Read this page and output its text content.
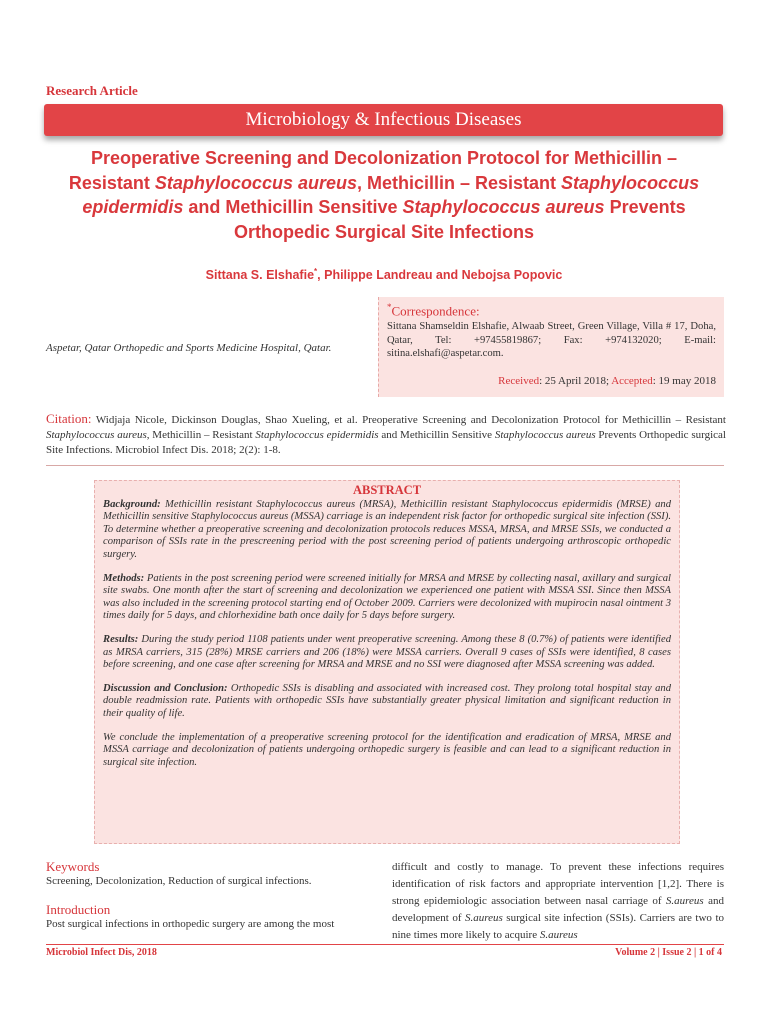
Research Article
Microbiology & Infectious Diseases
Preoperative Screening and Decolonization Protocol for Methicillin –
Resistant Staphylococcus aureus, Methicillin – Resistant Staphylococcus
epidermidis and Methicillin Sensitive Staphylococcus aureus Prevents
Orthopedic Surgical Site Infections
Sittana S. Elshafie*, Philippe Landreau and Nebojsa Popovic
Aspetar, Qatar Orthopedic and Sports Medicine Hospital, Qatar.
*Correspondence:
Sittana Shamseldin Elshafie, Alwaab Street, Green Village, Villa # 17, Doha, Qatar, Tel: +97455819867; Fax: +974132020; E-mail: sitina.elshafi@aspetar.com.
Received: 25 April 2018; Accepted: 19 may 2018
Citation: Widjaja Nicole, Dickinson Douglas, Shao Xueling, et al. Preoperative Screening and Decolonization Protocol for Methicillin – Resistant Staphylococcus aureus, Methicillin – Resistant Staphylococcus epidermidis and Methicillin Sensitive Staphylococcus aureus Prevents Orthopedic surgical Site Infections. Microbiol Infect Dis. 2018; 2(2): 1-8.
ABSTRACT

Background: Methicillin resistant Staphylococcus aureus (MRSA), Methicillin resistant Staphylococcus epidermidis (MRSE) and Methicillin sensitive Staphylococcus aureus (MSSA) carriage is an independent risk factor for orthopedic surgical site infection (SSI). To determine whether a preoperative screening and decolonization protocols reduces MSSA, MRSA, and MRSE SSIs, we conducted a comparison of SSIs rate in the prescreening period with the post screening period of patients undergoing arthroscopic orthopedic surgery.

Methods: Patients in the post screening period were screened initially for MRSA and MRSE by collecting nasal, axillary and surgical site swabs. One month after the start of screening and decolonization we experienced one patient with MSSA SSI. Since then MSSA was also included in the screening protocol starting end of October 2009. Carriers were decolonized with mupirocin nasal ointment 3 times daily for 5 days, and chlorhexidine bath once daily for 5 days before surgery.

Results: During the study period 1108 patients under went preoperative screening. Among these 8 (0.7%) of patients were identified as MRSA carriers, 315 (28%) MRSE carriers and 206 (18%) were MSSA carriers. Overall 9 cases of SSIs were identified, 8 cases before screening, and one case after screening for MRSA and MRSE and no SSI were diagnosed after MSSA screening was added.

Discussion and Conclusion: Orthopedic SSIs is disabling and associated with increased cost. They prolong total hospital stay and double readmission rate. Patients with orthopedic SSIs have substantially greater physical limitation and significant reduction in their quality of life.

We conclude the implementation of a preoperative screening protocol for the identification and eradication of MRSA, MRSE and MSSA carriage and decolonization of patients undergoing orthopedic surgery is feasible and can lead to a significant reduction in surgical site infection.

Keywords
Screening, Decolonization, Reduction of surgical infections.
Introduction
Post surgical infections in orthopedic surgery are among the most
difficult and costly to manage. To prevent these infections requires identification of risk factors and appropriate intervention [1,2]. There is strong epidemiologic association between nasal carriage of S.aureus and development of S.aureus surgical site infection (SSIs). Carriers are two to nine times more likely to acquire S.aureus
Microbiol Infect Dis, 2018	Volume 2 | Issue 2 | 1 of 4
